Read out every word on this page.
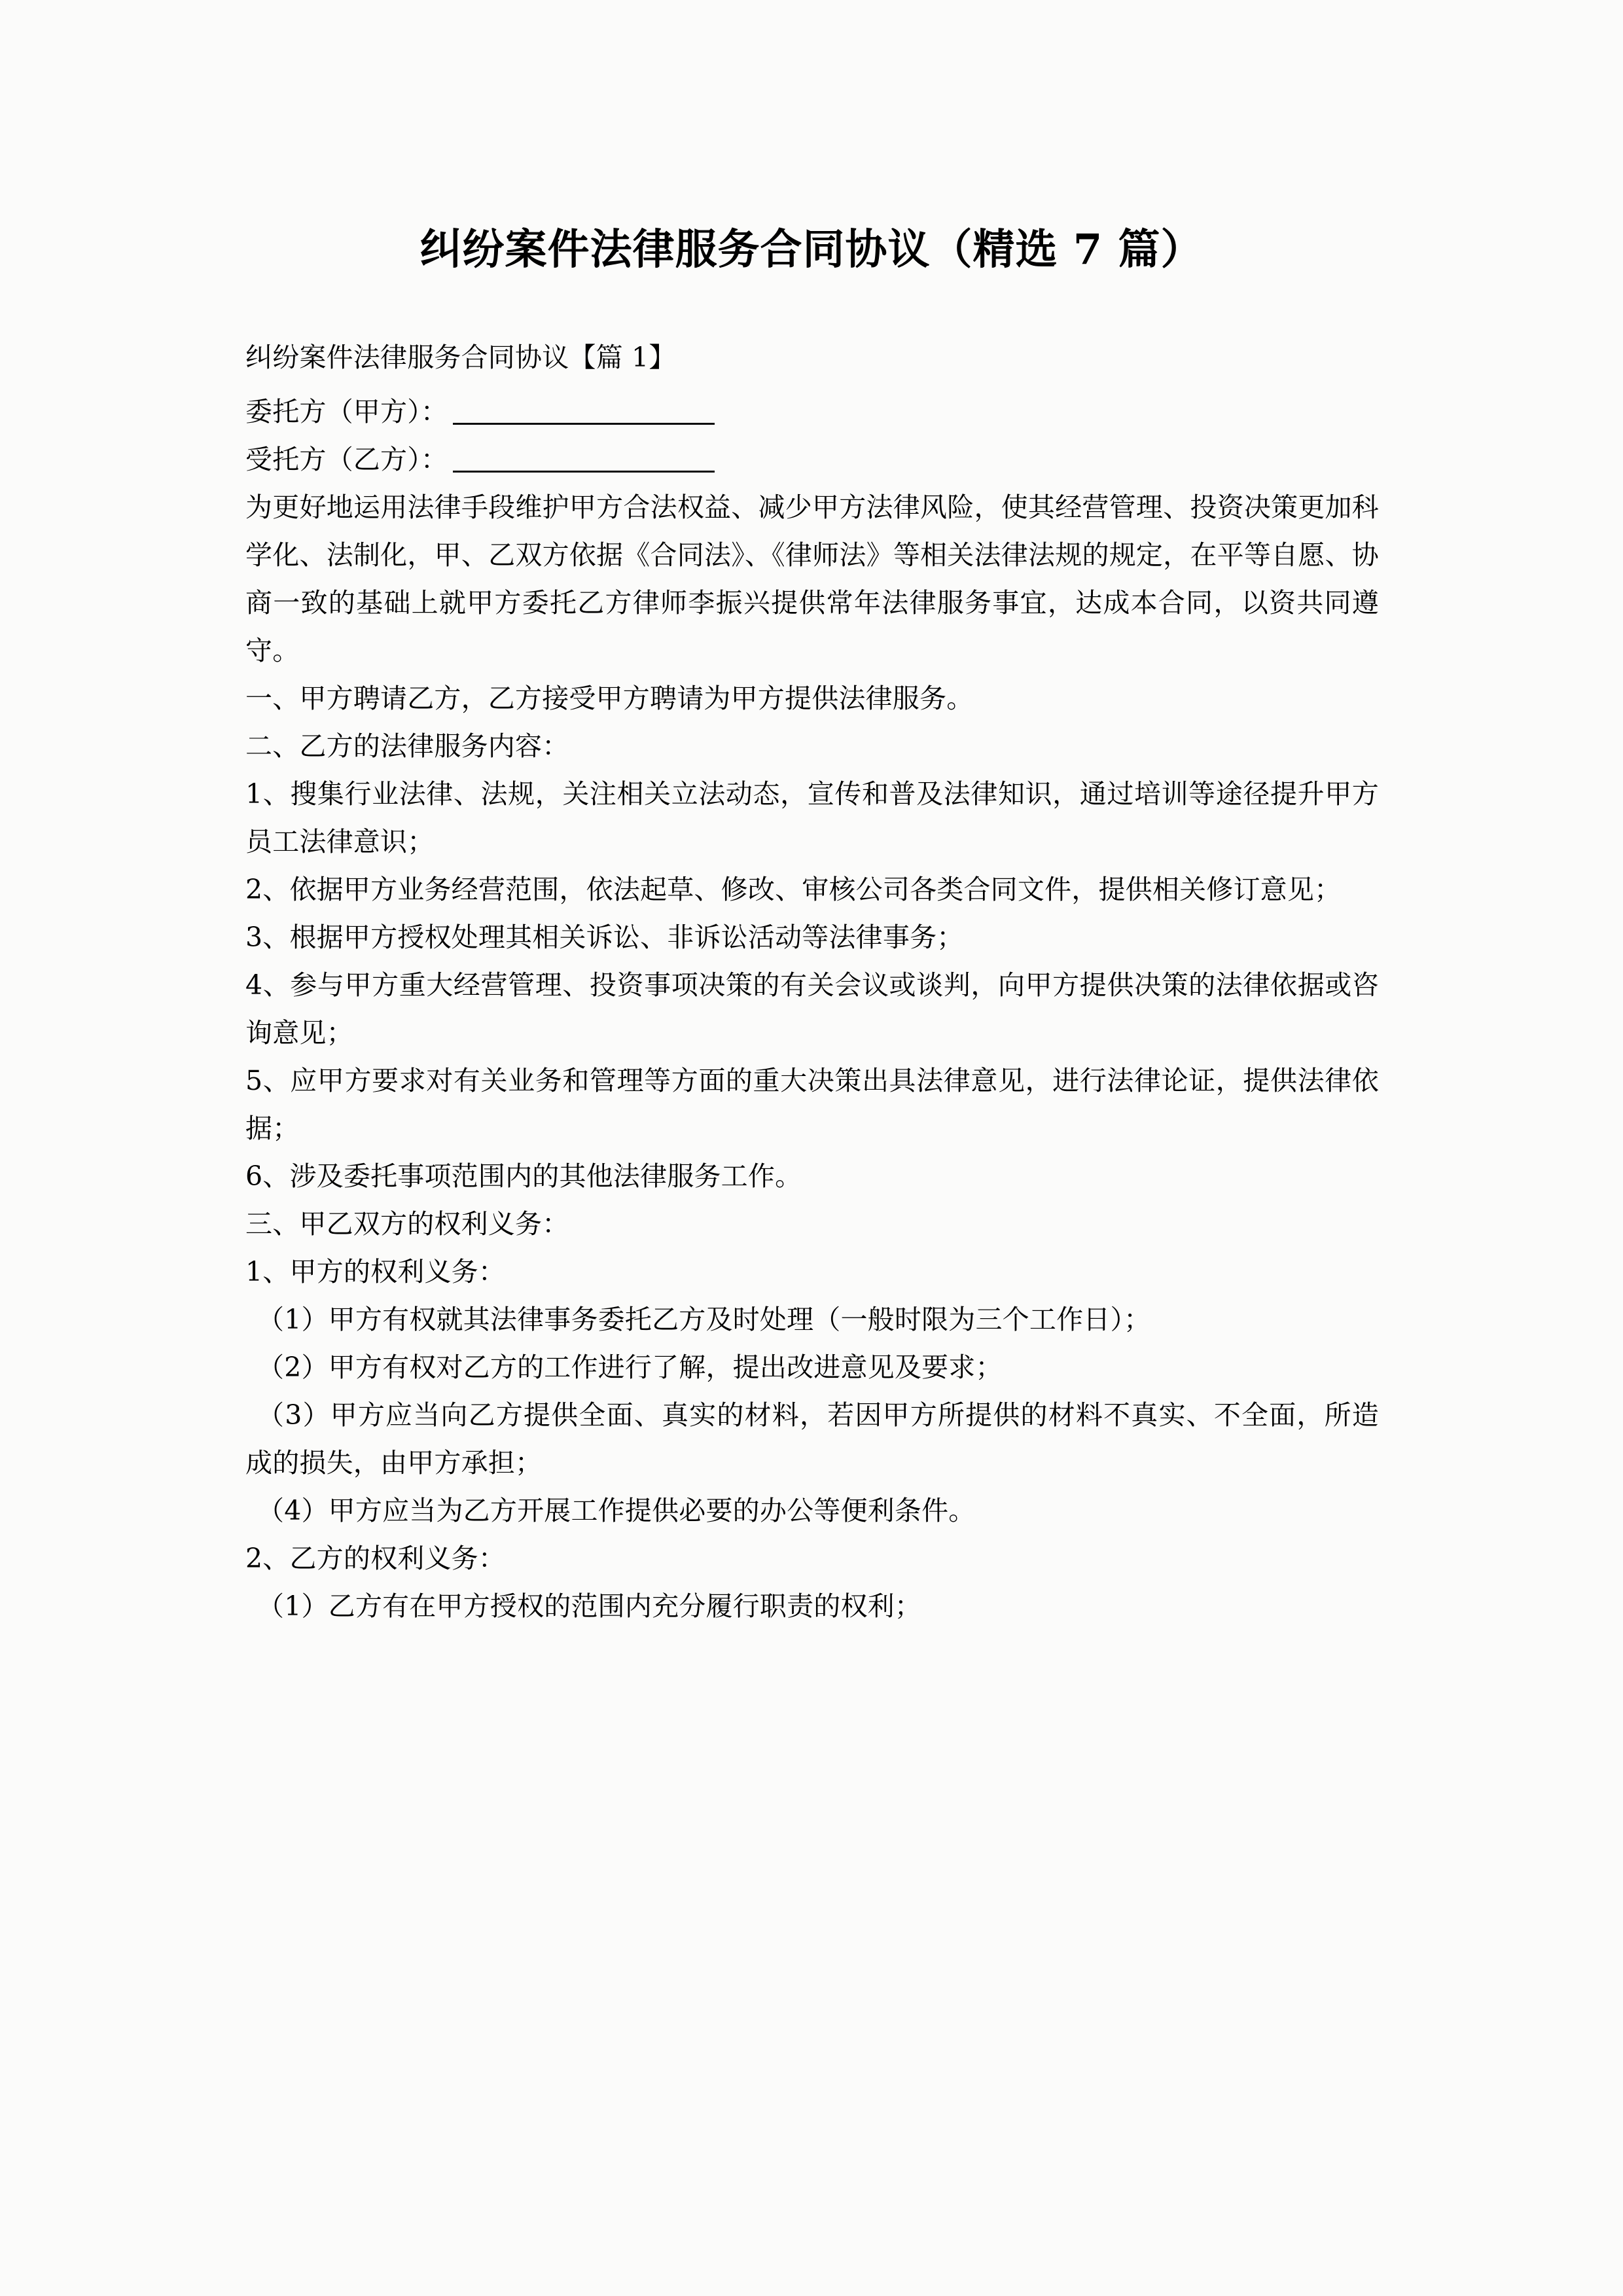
纠纷案件法律服务合同协议（精选 7 篇）

纠纷案件法律服务合同协议【篇 1】

委托方（甲方）：

受托方（乙方）：

为更好地运用法律手段维护甲方合法权益、减少甲方法律风险，使其经营管理、投资决策更加科学化、法制化，甲、乙双方依据《合同法》、《律师法》等相关法律法规的规定，在平等自愿、协商一致的基础上就甲方委托乙方律师李振兴提供常年法律服务事宜，达成本合同，以资共同遵守。

一、甲方聘请乙方，乙方接受甲方聘请为甲方提供法律服务。

二、乙方的法律服务内容：

1、搜集行业法律、法规，关注相关立法动态，宣传和普及法律知识，通过培训等途径提升甲方员工法律意识；

2、依据甲方业务经营范围，依法起草、修改、审核公司各类合同文件，提供相关修订意见；

3、根据甲方授权处理其相关诉讼、非诉讼活动等法律事务；

4、参与甲方重大经营管理、投资事项决策的有关会议或谈判，向甲方提供决策的法律依据或咨询意见；

5、应甲方要求对有关业务和管理等方面的重大决策出具法律意见，进行法律论证，提供法律依据；

6、涉及委托事项范围内的其他法律服务工作。

三、甲乙双方的权利义务：

1、甲方的权利义务：

（1）甲方有权就其法律事务委托乙方及时处理（一般时限为三个工作日）；

（2）甲方有权对乙方的工作进行了解，提出改进意见及要求；

（3）甲方应当向乙方提供全面、真实的材料，若因甲方所提供的材料不真实、不全面，所造成的损失，由甲方承担；

（4）甲方应当为乙方开展工作提供必要的办公等便利条件。

2、乙方的权利义务：

（1）乙方有在甲方授权的范围内充分履行职责的权利；
